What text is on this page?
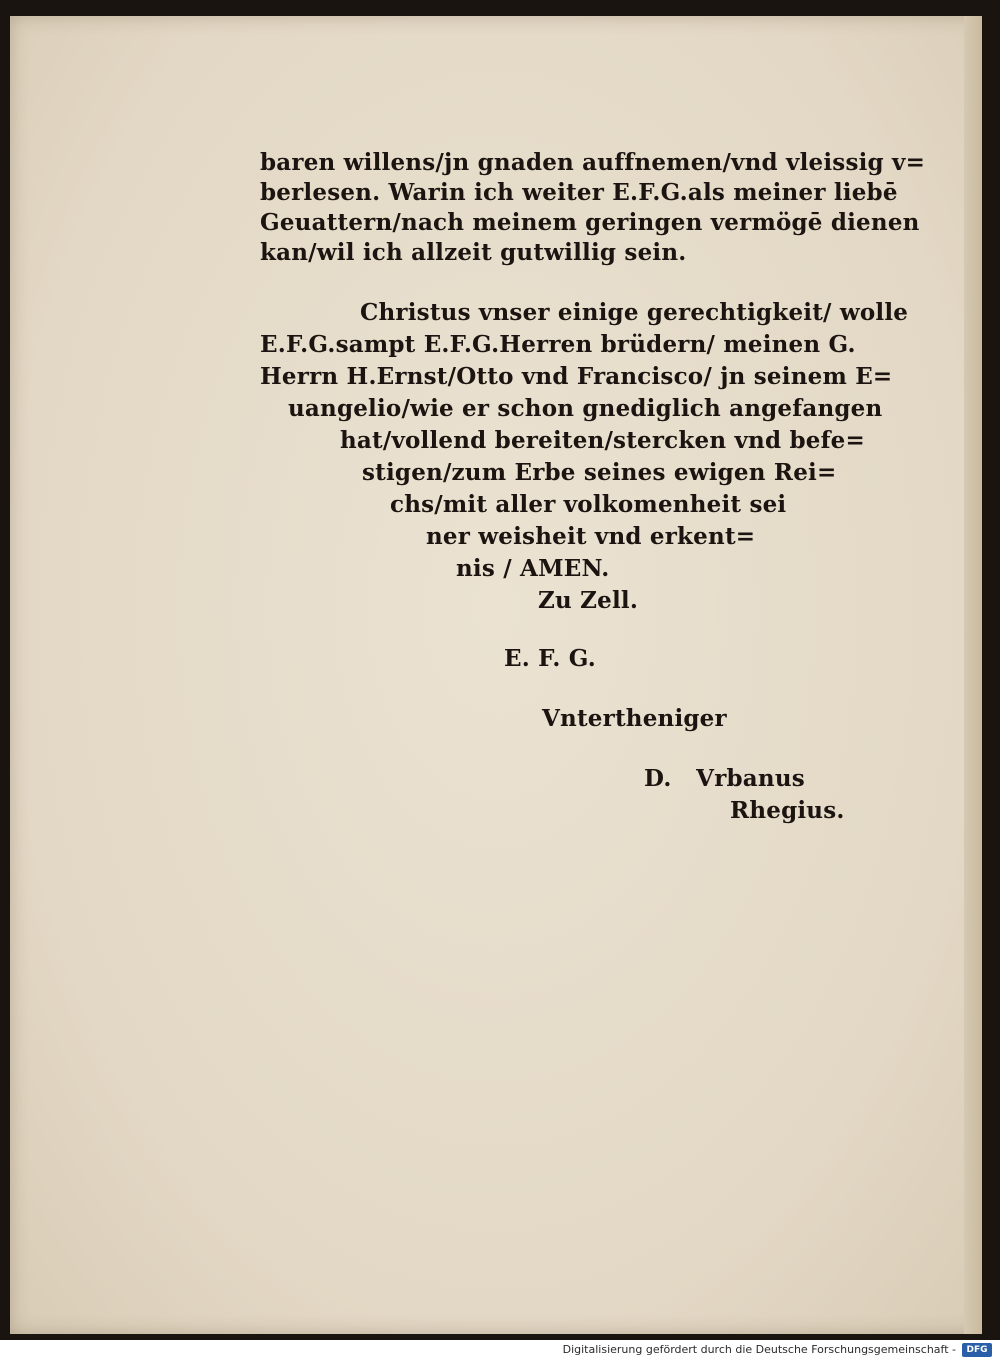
baren willens/jn gnaden auffnemen/vnd vleissig v=
berlesen. Warin ich weiter E.F.G.als meiner liebē
Geuattern/nach meinem geringen vermögē dienen
kan/wil ich allzeit gutwillig sein.
Christus vnser einige gerechtigkeit/ wolle
E.F.G.sampt E.F.G.Herren brüdern/ meinen G.
Herrn H.Ernst/Otto vnd Francisco/ jn seinem E=
uangelio/wie er schon gnediglich angefangen
hat/vollend bereiten/stercken vnd befe=
stigen/zum Erbe seines ewigen Rei=
chs/mit aller volkomenheit sei
ner weisheit vnd erkent=
nis / AMEN.
Zu Zell.
E. F. G.
Vntertheniger
D.   Vrbanus
Rhegius.
Digitalisierung gefördert durch die Deutsche Forschungsgemeinschaft -	DFG
